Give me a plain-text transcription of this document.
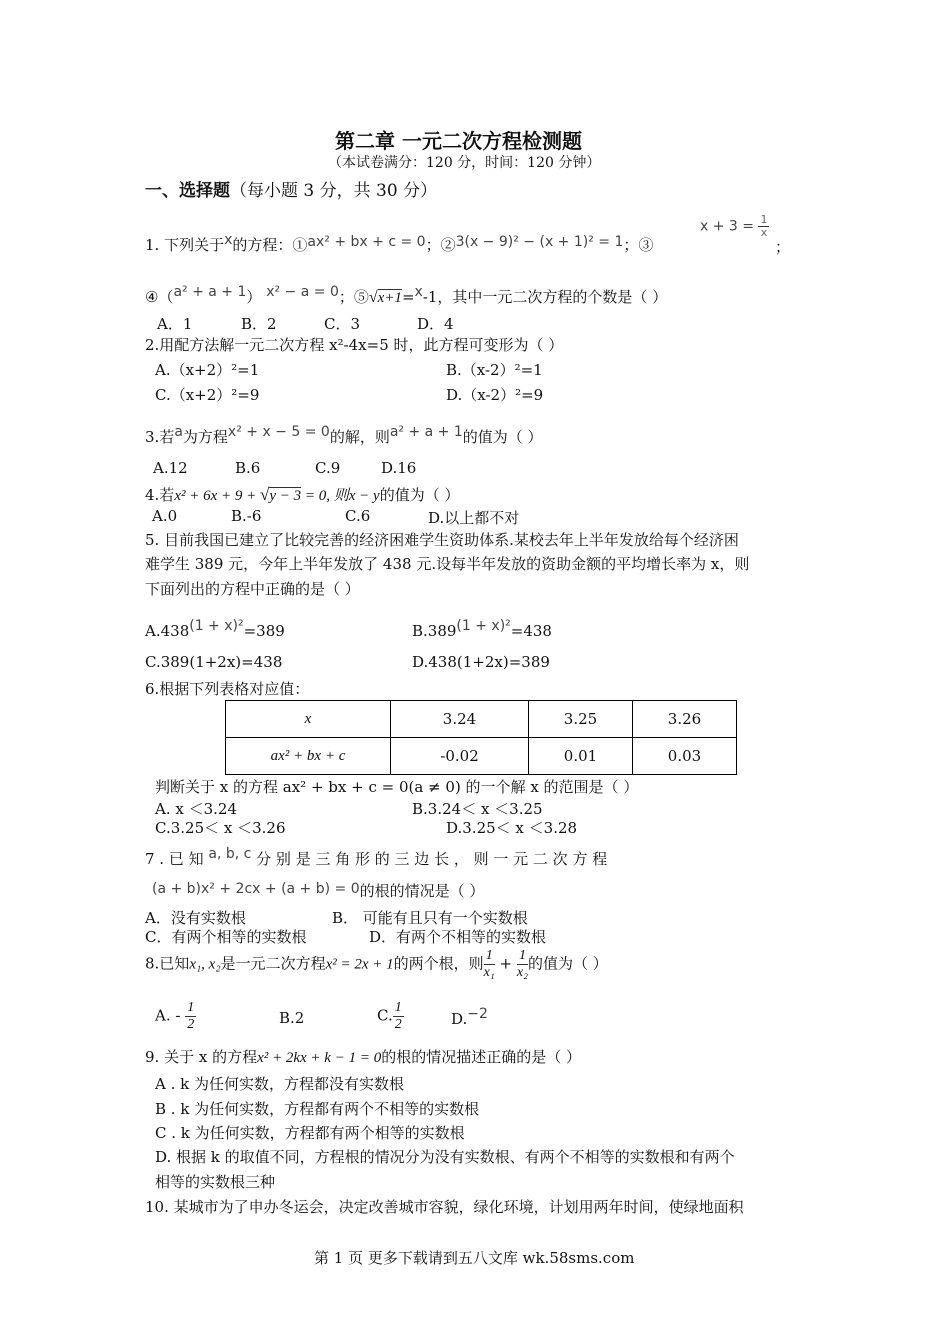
第二章 一元二次方程检测题
（本试卷满分：120 分，时间：120 分钟）
一、选择题（每小题 3 分，共 30 分）
1. 下列关于$^x$的方程：①ax² + bx + c = 0；②3(x − 9)² − (x + 1)² = 1；③
$x + 3 = \frac{1}{x}$
；
④（$^{a^2 + a + 1}$） $^{x^2 - a = 0}$；⑤√x+1=$^x$-1，其中一元二次方程的个数是（ ）
A．1	B．2	C．3	D．4
2.用配方法解一元二次方程 x²-4x=5 时，此方程可变形为（ ）
A.（x+2）²=1	B.（x-2）²=1
C.（x+2）²=9	D.（x-2）²=9
3.若$^a$为方程$^{x^2 + x - 5 = 0}$的解，则$^{a^2 + a + 1}$的值为（ ）
A.12	B.6	C.9	D.16
4.若x² + 6x + 9 + √y − 3 = 0, 则x − y的值为（ ）
A.0	B.-6	C.6	D.以上都不对
5. 目前我国已建立了比较完善的经济困难学生资助体系.某校去年上半年发放给每个经济困
难学生 389 元，今年上半年发放了 438 元.设每半年发放的资助金额的平均增长率为 x，则
下面列出的方程中正确的是（ ）
$A.438^{(1 + x)^2}=389$	$B.389^{(1 + x)^2}=438$
C.389(1+2x)=438	D.438(1+2x)=389
6.根据下列表格对应值：
x	3.24	3.25	3.26
ax² + bx + c	-0.02	0.01	0.03
判断关于 x 的方程 ax² + bx + c = 0(a ≠ 0) 的一个解 x 的范围是（ ）
A. x ＜3.24	B.3.24＜ x ＜3.25
C.3.25＜ x ＜3.26	D.3.25＜ x ＜3.28
7 . 已 知 $^{a, b, c}$ 分 别 是 三 角 形 的 三 边 长 ， 则 一 元 二 次 方 程
(a + b)x² + 2cx + (a + b) = 0的根的情况是（ ）
A．没有实数根	B． 可能有且只有一个实数根
C．有两个相等的实数根	D．有两个不相等的实数根
8.已知x₁, x₂是一元二次方程x² = 2x + 1的两个根，则 $\frac{1}{\text{x₁}} + \frac{1}{\text{x₂}}$的值为（ ）
A. - $\frac{1}{2}$	B.2	C. $\frac{1}{2}$	D.$^{-2}$
9. 关于 x 的方程x² + 2kx + k − 1 = 0的根的情况描述正确的是（ ）
A . k 为任何实数，方程都没有实数根
B . k 为任何实数，方程都有两个不相等的实数根
C . k 为任何实数，方程都有两个相等的实数根
D. 根据 k 的取值不同，方程根的情况分为没有实数根、有两个不相等的实数根和有两个
相等的实数根三种
10. 某城市为了申办冬运会，决定改善城市容貌，绿化环境，计划用两年时间，使绿地面积
第 1 页 更多下载请到五八文库 wk.58sms.com
